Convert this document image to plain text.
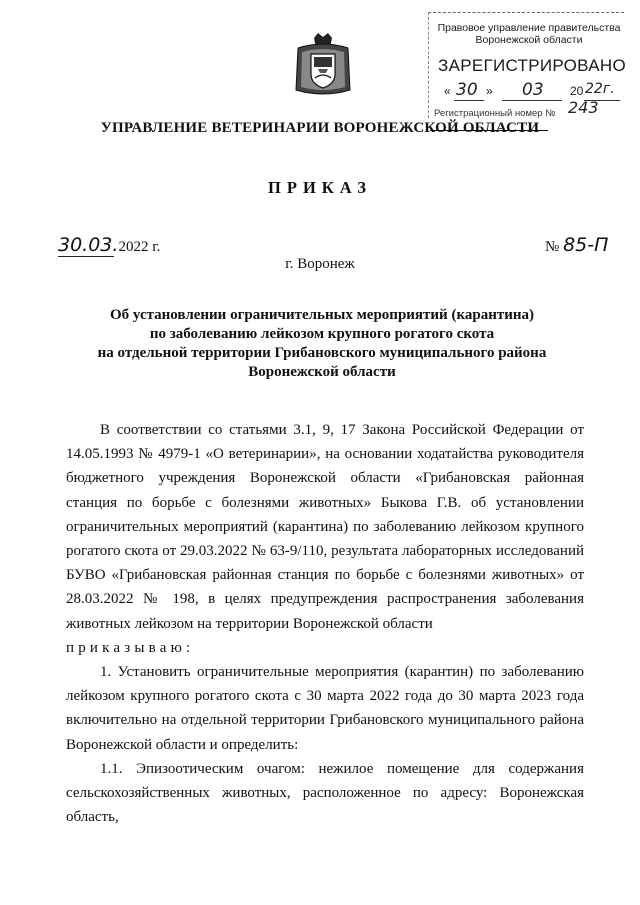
Правовое управление правительства
Воронежской области
ЗАРЕГИСТРИРОВАНО
« 30 » 03 20 22г.
Регистрационный номер № 243
УПРАВЛЕНИЕ ВЕТЕРИНАРИИ ВОРОНЕЖСКОЙ ОБЛАСТИ
ПРИКАЗ
30.03.2022 г.	№ 85-П
г. Воронеж
Об установлении ограничительных мероприятий (карантина)
по заболеванию лейкозом крупного рогатого скота
на отдельной территории Грибановского муниципального района
Воронежской области

В соответствии со статьями 3.1, 9, 17 Закона Российской Федерации от 14.05.1993 № 4979-1 «О ветеринарии», на основании ходатайства руководителя бюджетного учреждения Воронежской области «Грибановская районная станция по борьбе с болезнями животных» Быкова Г.В. об установлении ограничительных мероприятий (карантина) по заболеванию лейкозом крупного рогатого скота от 29.03.2022 № 63-9/110, результата лабораторных исследований БУВО «Грибановская районная станция по борьбе с болезнями животных» от 28.03.2022 № 198, в целях предупреждения распространения заболевания животных лейкозом на территории Воронежской области

приказываю:

1. Установить ограничительные мероприятия (карантин) по заболеванию лейкозом крупного рогатого скота с 30 марта 2022 года до 30 марта 2023 года включительно на отдельной территории Грибановского муниципального района Воронежской области и определить:

1.1. Эпизоотическим очагом: нежилое помещение для содержания сельскохозяйственных животных, расположенное по адресу: Воронежская область,
